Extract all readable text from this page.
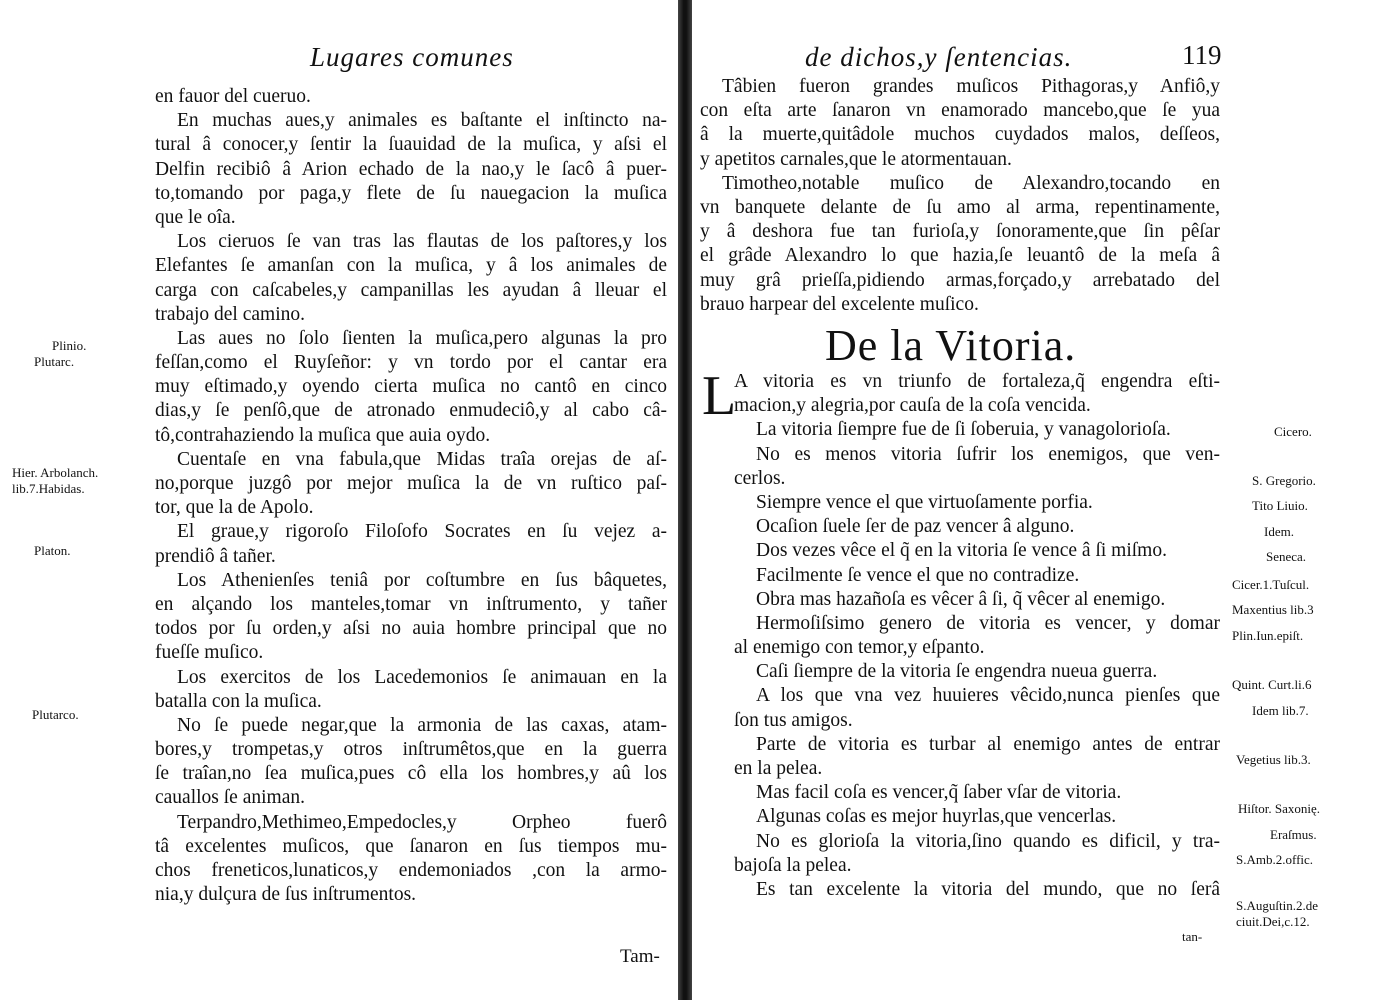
Lugares comunes
en fauor del cueruo.
En muchas aues,y animales es baſtante el inſtincto na-
tural â conocer,y ſentir la ſuauidad de la muſica, y aſsi el
Delfin recibiô â Arion echado de la nao,y le ſacô â puer-
to,tomando por paga,y flete de ſu nauegacion la muſica
que le oîa.
Los cieruos ſe van tras las flautas de los paſtores,y los
Elefantes ſe amanſan con la muſica, y â los animales de
carga con caſcabeles,y campanillas les ayudan â lleuar el
trabajo del camino.
Las aues no ſolo ſienten la muſica,pero algunas la pro
feſſan,como el Ruyſeñor: y vn tordo por el cantar era
muy eſtimado,y oyendo cierta muſica no cantô en cinco
dias,y ſe penſô,que de atronado enmudeciô,y al cabo câ-
tô,contrahaziendo la muſica que auia oydo.
Cuentaſe en vna fabula,que Midas traîa orejas de aſ-
no,porque juzgô por mejor muſica la de vn ruſtico paſ-
tor, que la de Apolo.
El graue,y rigoroſo Filoſofo Socrates en ſu vejez a-
prendiô â tañer.
Los Athenienſes teniâ por coſtumbre en ſus bâquetes,
en alçando los manteles,tomar vn inſtrumento, y tañer
todos por ſu orden,y aſsi no auia hombre principal que no
fueſſe muſico.
Los exercitos de los Lacedemonios ſe animauan en la
batalla con la muſica.
No ſe puede negar,que la armonia de las caxas, atam-
bores,y trompetas,y otros inſtrumêtos,que en la guerra
ſe traîan,no ſea muſica,pues cô ella los hombres,y aû los
cauallos ſe animan.
Terpandro,Methimeo,Empedocles,y Orpheo fuerô
tâ excelentes muſicos, que ſanaron en ſus tiempos mu-
chos freneticos,lunaticos,y endemoniados ,con la armo-
nia,y dulçura de ſus inſtrumentos.
Plinio.
Plutarc.
Hier. Arbolanch.
lib.7.Habidas.
Platon.
Plutarco.
Tam-
de dichos,y ſentencias.	119
Tâbien fueron grandes muſicos Pithagoras,y Anfiô,y
con eſta arte ſanaron vn enamorado mancebo,que ſe yua
â la muerte,quitâdole muchos cuydados malos, deſſeos,
y apetitos carnales,que le atormentauan.
Timotheo,notable muſico de Alexandro,tocando en
vn banquete delante de ſu amo al arma, repentinamente,
y â deshora fue tan furioſa,y ſonoramente,que ſin pêſar
el grâde Alexandro lo que hazia,ſe leuantô de la meſa â
muy grâ prieſſa,pidiendo armas,forçado,y arrebatado del
brauo harpear del excelente muſico.
De la Vitoria.
L
A vitoria es vn triunfo de fortaleza,q̃ engendra eſti-
macion,y alegria,por cauſa de la coſa vencida.
La vitoria ſiempre fue de ſi ſoberuia, y vanagolorioſa.
No es menos vitoria ſufrir los enemigos, que ven-
cerlos.
Siempre vence el que virtuoſamente porfia.
Ocaſion ſuele ſer de paz vencer â alguno.
Dos vezes vêce el q̃ en la vitoria ſe vence â ſi miſmo.
Facilmente ſe vence el que no contradize.
Obra mas hazañoſa es vêcer â ſi, q̃ vêcer al enemigo.
Hermoſiſsimo genero de vitoria es vencer, y domar
al enemigo con temor,y eſpanto.
Caſi ſiempre de la vitoria ſe engendra nueua guerra.
A los que vna vez huuieres vêcido,nunca pienſes que
ſon tus amigos.
Parte de vitoria es turbar al enemigo antes de entrar
en la pelea.
Mas facil coſa es vencer,q̃ ſaber vſar de vitoria.
Algunas coſas es mejor huyrlas,que vencerlas.
No es glorioſa la vitoria,ſino quando es dificil, y tra-
bajoſa la pelea.
Es tan excelente la vitoria del mundo, que no ſerâ
Cicero.
S. Gregorio.
Tito Liuio.
Idem.
Seneca.
Cicer.1.Tuſcul.
Maxentius lib.3
Plin.Iun.epiſt.
Quint. Curt.li.6
Idem lib.7.
Vegetius lib.3.
Hiſtor. Saxonię.
Eraſmus.
S.Amb.2.offic.
S.Auguſtin.2.de
ciuit.Dei,c.12.
tan-
